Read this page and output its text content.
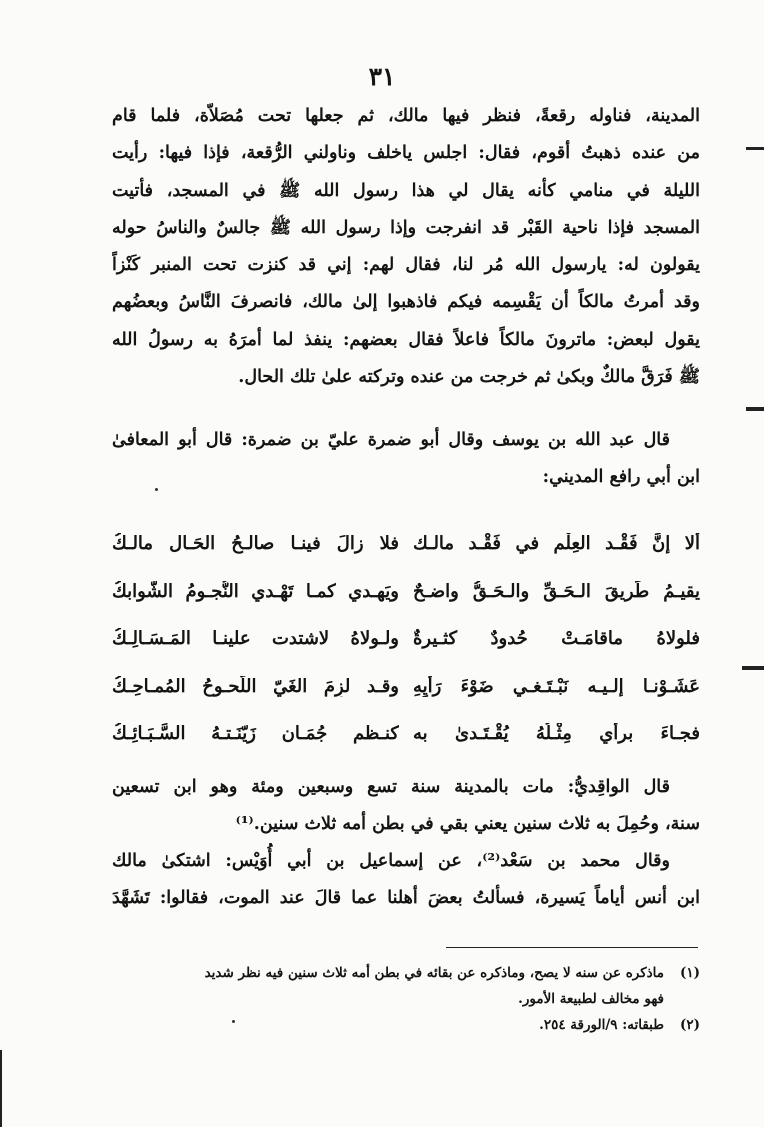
٣١
المدينة، فناوله رقعةً، فنظر فيها مالك، ثم جعلها تحت مُصَلاّة، فلما قام
من عنده ذهبتُ أقوم، فقال: اجلس ياخلف وناولني الرُّقعة، فإذا فيها: رأيت
الليلة في منامي كأنه يقال لي هذا رسول الله ﷺ في المسجد، فأتيت
المسجد فإذا ناحية القَبْر قد انفرجت وإذا رسول الله ﷺ جالسٌ والناسُ حوله
يقولون له: يارسول الله مُر لنا، فقال لهم: إني قد كنزت تحت المنبر كَنْزاً
وقد أمرتُ مالكاً أن يَقْسِمه فيكم فاذهبوا إلىٰ مالك، فانصرفَ النَّاسُ وبعضُهم
يقول لبعض: ماترونَ مالكاً فاعلاً فقال بعضهم: ينفذ لما أمرَهُ به رسولُ الله
ﷺ فَرَقَّ مالكٌ وبكىٰ ثم خرجت من عنده وتركته علىٰ تلك الحال.
قال عبد الله بن يوسف وقال أبو ضمرة عليّ بن ضمرة: قال أبو المعافىٰ
ابن أبي رافع المديني:
ألا إنَّ فَقْـد العِلْم في فَقْـد مالـك
فلا زالَ فينـا صالـحُ الحَـال مالـكُ
يقيـمُ طَريقَ الـحَـقِّ والـحَـقُّ واضـحٌ
ويَهـدي كمـا تَهْـدي النُّجـومُ الشَّوابكُ
فلولاهُ ماقامَـتْ حُدودٌ كثـيرةٌ
ولـولاهُ لاشتدت علينـا المَـسَـالِـكُ
عَشَـوْنـا إلـيـه نَبْـتَـغـي ضَوْءَ رَأيِهِ
وقـد لزِمَ الغَيّ اللَّحـوحُ المُمـاحِـكُ
فجـاءَ برأيٍ مِثْـلُهُ يُقْـتَـدىٰ به
كنـظم جُمَـان زَيّنَـتـهُ السَّـبَـائِـكُ
قال الواقِديُّ: مات بالمدينة سنة تسع وسبعين ومئة وهو ابن تسعين
سنة، وحُمِلَ به ثلاث سنين يعني بقي في بطن أمه ثلاث سنين.⁽¹⁾
وقال محمد بن سَعْد⁽²⁾، عن إسماعيل بن أبي أُوَيْس: اشتكىٰ مالك
ابن أنس أياماً يَسيرة، فسألتُ بعضَ أهلنا عما قالَ عند الموت، فقالوا: تَشَهَّدَ
(١)
ماذكره عن سنه لا يصح، وماذكره عن بقائه في بطن أمه ثلاث سنين فيه نظر شديد
فهو مخالف لطبيعة الأمور.
(٢)
طبقاته: ٩/الورقة ٢٥٤.
